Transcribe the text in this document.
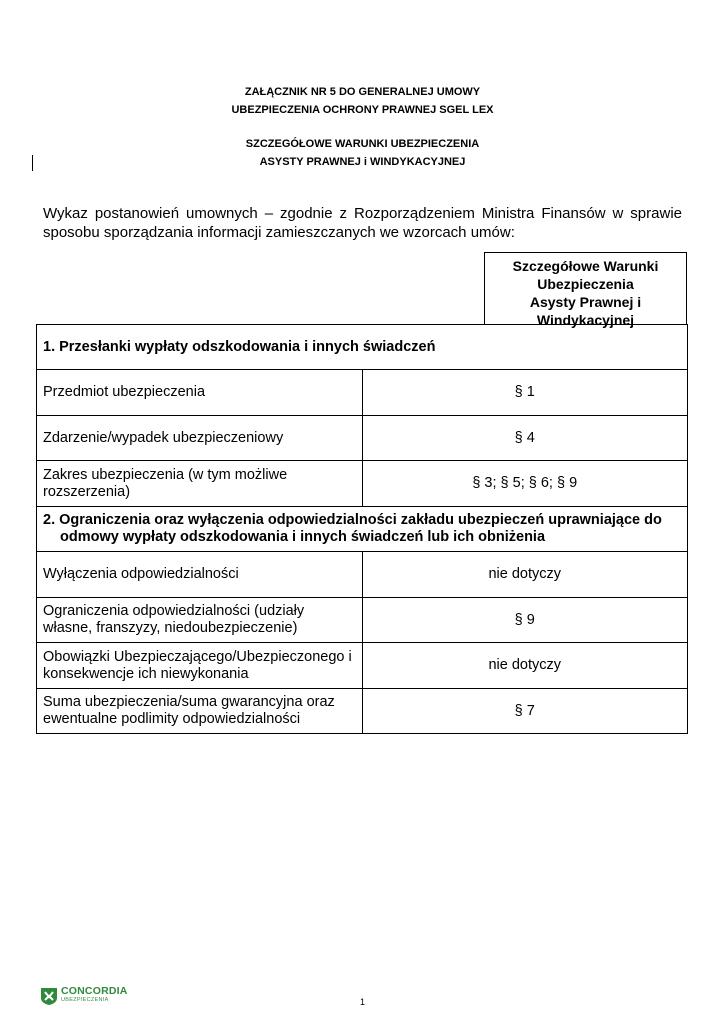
ZAŁĄCZNIK NR 5 DO GENERALNEJ UMOWY
UBEZPIECZENIA OCHRONY PRAWNEJ SGEL LEX
SZCZEGÓŁOWE WARUNKI UBEZPIECZENIA
ASYSTY PRAWNEJ i WINDYKACYJNEJ
Wykaz postanowień umownych – zgodnie z Rozporządzeniem Ministra Finansów w sprawie sposobu sporządzania informacji zamieszczanych we wzorcach umów:
Szczegółowe Warunki
Ubezpieczenia
Asysty Prawnej i
Windykacyjnej
1. Przesłanki wypłaty odszkodowania i innych świadczeń	
Przedmiot ubezpieczenia	§ 1
Zdarzenie/wypadek ubezpieczeniowy	§ 4
Zakres ubezpieczenia (w tym możliwe rozszerzenia)	§ 3; § 5; § 6; § 9

2. Ograniczenia oraz wyłączenia odpowiedzialności zakładu ubezpieczeń uprawniające do odmowy wypłaty odszkodowania i innych świadczeń lub ich obniżenia	

Wyłączenia odpowiedzialności	nie dotyczy
Ograniczenia odpowiedzialności (udziały własne, franszyzy, niedoubezpieczenie)	§ 9
Obowiązki Ubezpieczającego/Ubezpieczonego i konsekwencje ich niewykonania	nie dotyczy
Suma ubezpieczenia/suma gwarancyjna oraz ewentualne podlimity odpowiedzialności	§ 7
CONCORDIA
UBEZPIECZENIA	1
